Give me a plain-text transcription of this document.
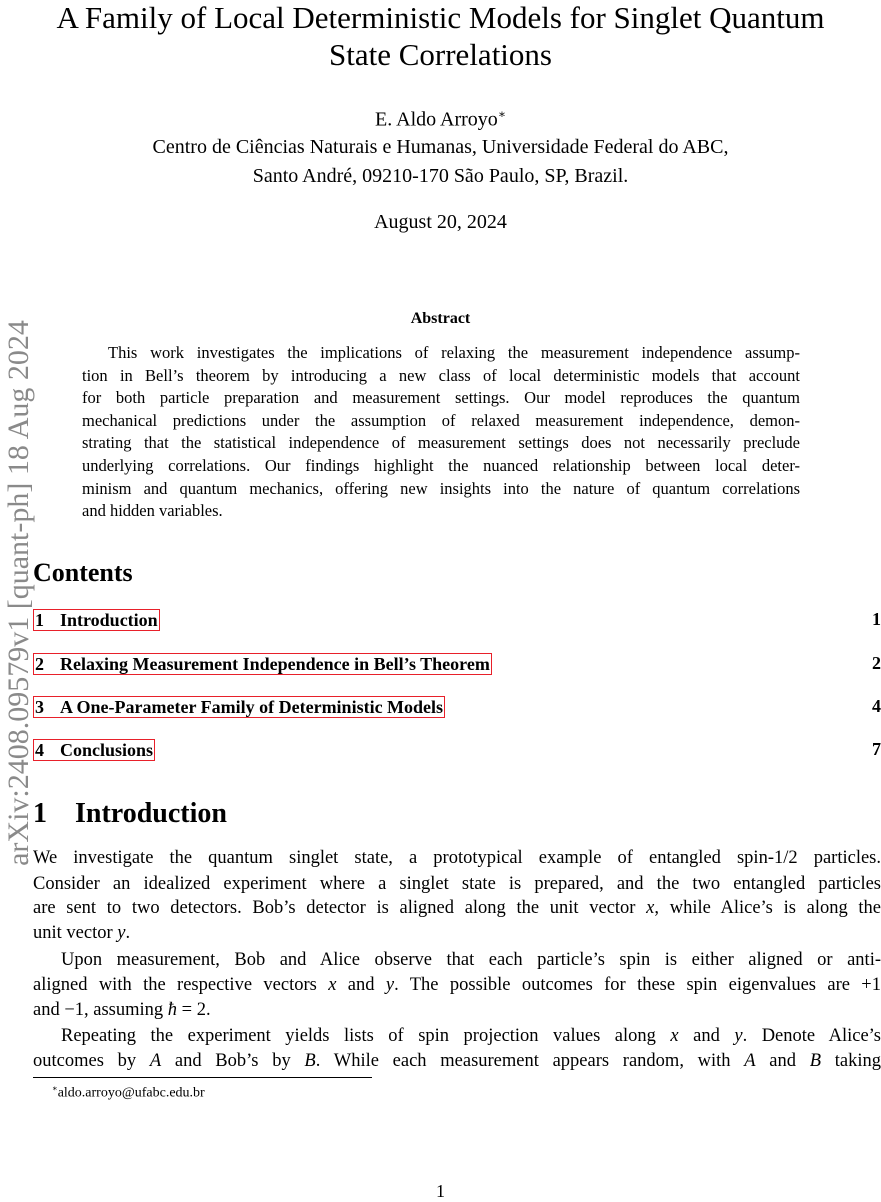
arXiv:2408.09579v1 [quant-ph] 18 Aug 2024
A Family of Local Deterministic Models for Singlet Quantum
State Correlations
E. Aldo Arroyo∗
Centro de Ciências Naturais e Humanas, Universidade Federal do ABC,
Santo André, 09210-170 São Paulo, SP, Brazil.
August 20, 2024
Abstract
This work investigates the implications of relaxing the measurement independence assump-
tion in Bell’s theorem by introducing a new class of local deterministic models that account
for both particle preparation and measurement settings. Our model reproduces the quantum
mechanical predictions under the assumption of relaxed measurement independence, demon-
strating that the statistical independence of measurement settings does not necessarily preclude
underlying correlations. Our findings highlight the nuanced relationship between local deter-
minism and quantum mechanics, offering new insights into the nature of quantum correlations
and hidden variables.
Contents
1 Introduction	1
2 Relaxing Measurement Independence in Bell’s Theorem	2
3 A One-Parameter Family of Deterministic Models	4
4 Conclusions	7
1 Introduction
We investigate the quantum singlet state, a prototypical example of entangled spin-1/2 particles.
Consider an idealized experiment where a singlet state is prepared, and the two entangled particles
are sent to two detectors. Bob’s detector is aligned along the unit vector x, while Alice’s is along the
unit vector y.
Upon measurement, Bob and Alice observe that each particle’s spin is either aligned or anti-
aligned with the respective vectors x and y. The possible outcomes for these spin eigenvalues are +1
and −1, assuming ħ = 2.
Repeating the experiment yields lists of spin projection values along x and y. Denote Alice’s
outcomes by A and Bob’s by B. While each measurement appears random, with A and B taking
∗aldo.arroyo@ufabc.edu.br
1
